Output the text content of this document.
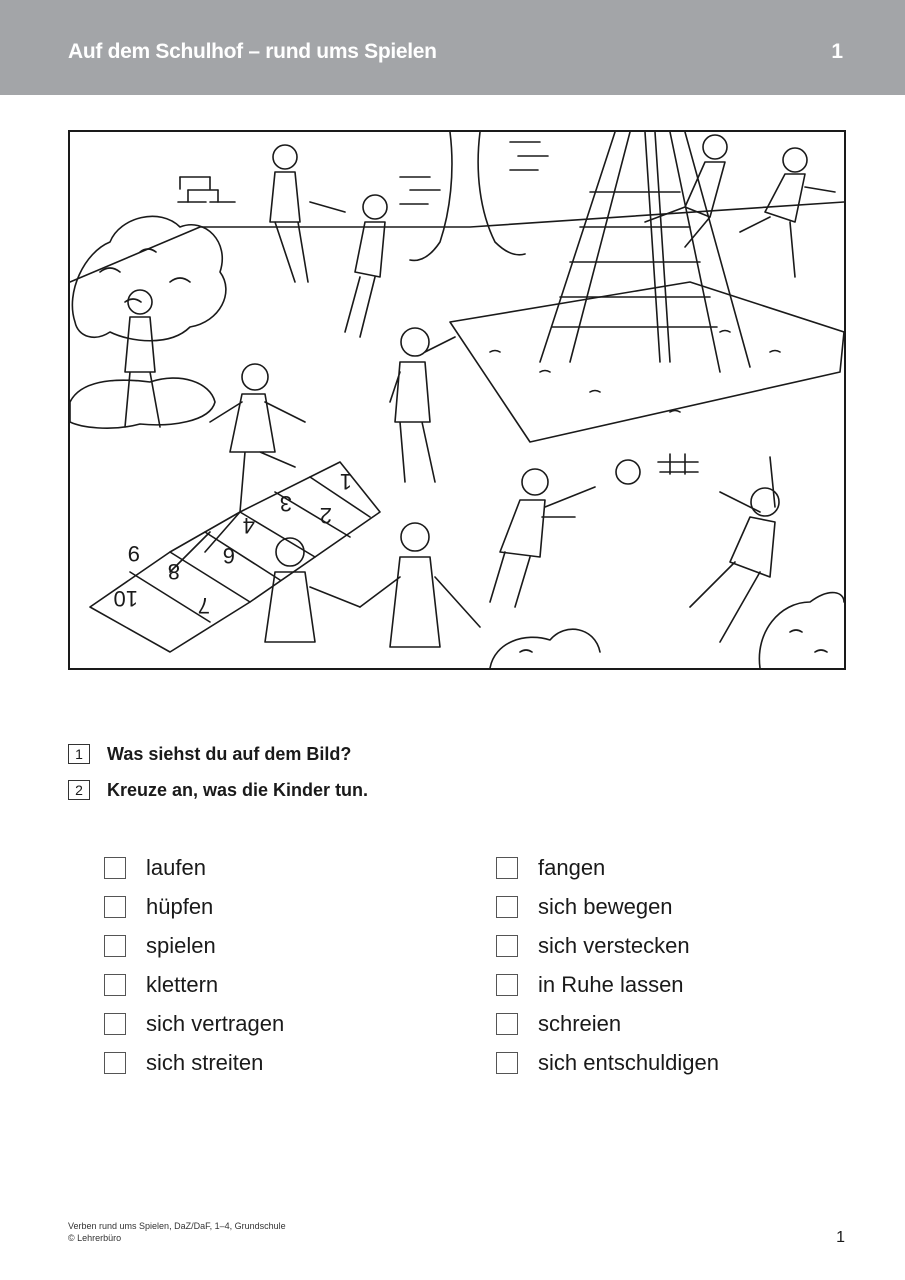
Auf dem Schulhof – rund ums Spielen	1
1
2
3
4
6
9
8
7
10
1	Was siehst du auf dem Bild?
2	Kreuze an, was die Kinder tun.
laufen
hüpfen
spielen
klettern
sich vertragen
sich streiten
fangen
sich bewegen
sich verstecken
in Ruhe lassen
schreien
sich entschuldigen
Verben rund ums Spielen, DaZ/DaF, 1–4, Grundschule
© Lehrerbüro	1
